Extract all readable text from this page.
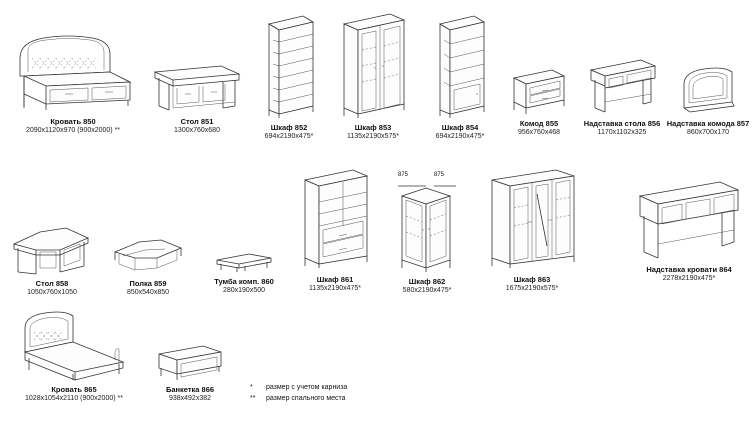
Кровать 850
2090х1120х970 (900х2000) **
Стол 851
1300х760х680	Шкаф 852
694х2190х475*
Шкаф 853
1135х2190х575*
Шкаф 854
694х2190х475*
Комод 855
956х760х468
Надставка стола 856
1170х1102х325
Надставка комода 857
860х700х170
Стол 858
1050х760х1050
Полка 859
850х540х850
Тумба комп. 860
280х190х500
Шкаф 861
1135х2190х475*
875	875
Шкаф 862
580х2190х475*
Шкаф 863
1675х2190х575*
Надставка кровати 864
2278х2190х475*
Кровать 865
1028х1054х2110 (900х2000) **
Банкетка 866
938х492х382
* размер с учетом карниза
** размер спального места
